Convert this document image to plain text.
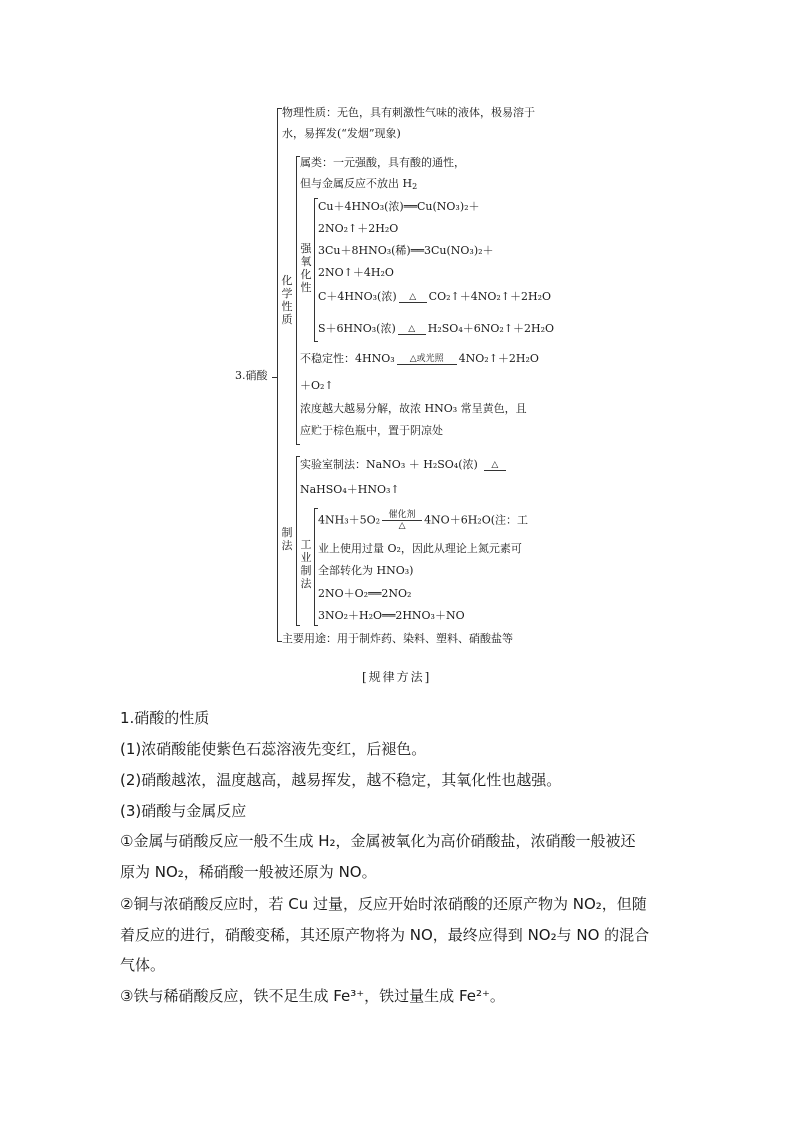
3.硝酸
物理性质：无色，具有刺激性气味的液体，极易溶于
水，易挥发(“发烟”现象)
化学性质
属类：一元强酸，具有酸的通性，
但与金属反应不放出 $H_2$
强氧化性
Cu＋4HNO₃(浓)══Cu(NO₃)₂＋
2NO₂↑＋2H₂O
3Cu＋8HNO₃(稀)══3Cu(NO₃)₂＋
2NO↑＋4H₂O
C＋4HNO₃(浓)	△	CO₂↑＋4NO₂↑＋2H₂O
S＋6HNO₃(浓)	△	H₂SO₄＋6NO₂↑＋2H₂O
不稳定性：4HNO₃	△或光照	4NO₂↑＋2H₂O
＋O₂↑
浓度越大越易分解，故浓 HNO₃ 常呈黄色，且
应贮于棕色瓶中，置于阴凉处
制法
实验室制法：NaNO₃ ＋ H₂SO₄(浓)	△
NaHSO₄＋HNO₃↑
工业制法
4NH₃＋5O₂ 催化剂
△	4NO＋6H₂O(注：工
业上使用过量 O₂，因此从理论上氮元素可
全部转化为 HNO₃)
2NO＋O₂══2NO₂
3NO₂＋H₂O══2HNO₃＋NO
主要用途：用于制炸药、染料、塑料、硝酸盐等
[规律方法]
1.硝酸的性质
(1)浓硝酸能使紫色石蕊溶液先变红，后褪色。
(2)硝酸越浓，温度越高，越易挥发，越不稳定，其氧化性也越强。
(3)硝酸与金属反应
①金属与硝酸反应一般不生成 H₂，金属被氧化为高价硝酸盐，浓硝酸一般被还
原为 NO₂，稀硝酸一般被还原为 NO。
②铜与浓硝酸反应时，若 Cu 过量，反应开始时浓硝酸的还原产物为 NO₂，但随
着反应的进行，硝酸变稀，其还原产物将为 NO，最终应得到 NO₂与 NO 的混合
气体。
③铁与稀硝酸反应，铁不足生成 Fe³⁺，铁过量生成 Fe²⁺。
